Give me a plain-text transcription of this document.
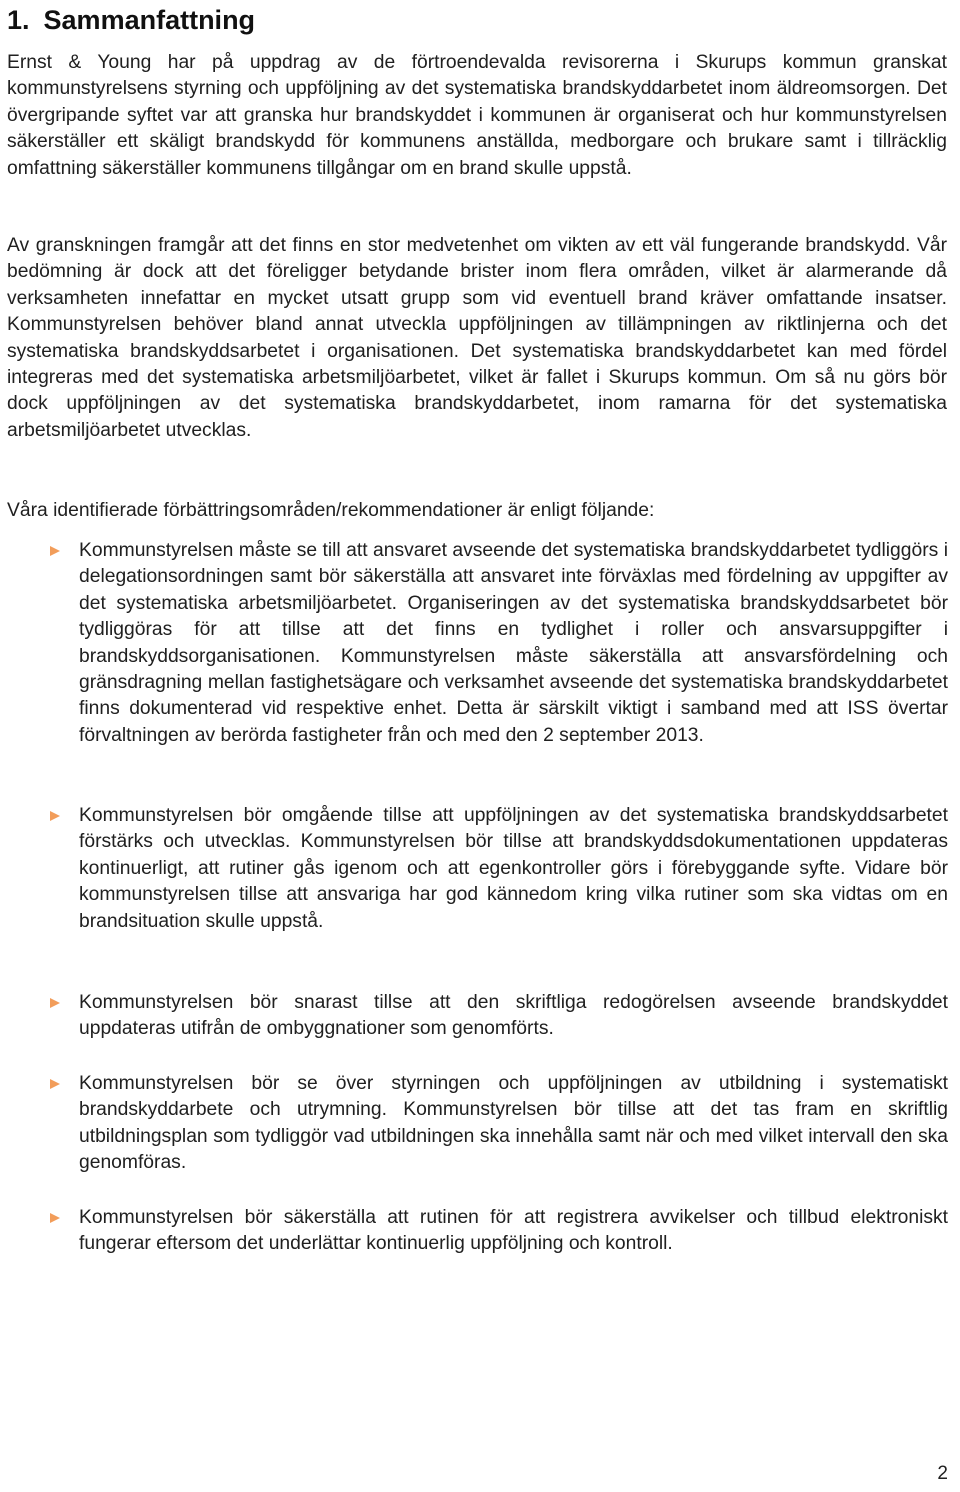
1. Sammanfattning

Ernst & Young har på uppdrag av de förtroendevalda revisorerna i Skurups kommun granskat kommunstyrelsens styrning och uppföljning av det systematiska brandskyddarbetet inom äldreomsorgen. Det övergripande syftet var att granska hur brandskyddet i kommunen är organiserat och hur kommunstyrelsen säkerställer ett skäligt brandskydd för kommunens anställda, medborgare och brukare samt i tillräcklig omfattning säkerställer kommunens tillgångar om en brand skulle uppstå.

Av granskningen framgår att det finns en stor medvetenhet om vikten av ett väl fungerande brandskydd. Vår bedömning är dock att det föreligger betydande brister inom flera områden, vilket är alarmerande då verksamheten innefattar en mycket utsatt grupp som vid eventuell brand kräver omfattande insatser. Kommunstyrelsen behöver bland annat utveckla uppföljningen av tillämpningen av riktlinjerna och det systematiska brandskyddsarbetet i organisationen. Det systematiska brandskyddarbetet kan med fördel integreras med det systematiska arbetsmiljöarbetet, vilket är fallet i Skurups kommun. Om så nu görs bör dock uppföljningen av det systematiska brandskyddarbetet, inom ramarna för det systematiska arbetsmiljöarbetet utvecklas.

Våra identifierade förbättringsområden/rekommendationer är enligt följande:

Kommunstyrelsen måste se till att ansvaret avseende det systematiska brandskyddarbetet tydliggörs i delegationsordningen samt bör säkerställa att ansvaret inte förväxlas med fördelning av uppgifter av det systematiska arbetsmiljöarbetet. Organiseringen av det systematiska brandskyddsarbetet bör tydliggöras för att tillse att det finns en tydlighet i roller och ansvarsuppgifter i brandskyddsorganisationen. Kommunstyrelsen måste säkerställa att ansvarsfördelning och gränsdragning mellan fastighetsägare och verksamhet avseende det systematiska brandskyddarbetet finns dokumenterad vid respektive enhet. Detta är särskilt viktigt i samband med att ISS övertar förvaltningen av berörda fastigheter från och med den 2 september 2013.

Kommunstyrelsen bör omgående tillse att uppföljningen av det systematiska brandskyddsarbetet förstärks och utvecklas. Kommunstyrelsen bör tillse att brandskyddsdokumentationen uppdateras kontinuerligt, att rutiner gås igenom och att egenkontroller görs i förebyggande syfte. Vidare bör kommunstyrelsen tillse att ansvariga har god kännedom kring vilka rutiner som ska vidtas om en brandsituation skulle uppstå.

Kommunstyrelsen bör snarast tillse att den skriftliga redogörelsen avseende brandskyddet uppdateras utifrån de ombyggnationer som genomförts.

Kommunstyrelsen bör se över styrningen och uppföljningen av utbildning i systematiskt brandskyddarbete och utrymning. Kommunstyrelsen bör tillse att det tas fram en skriftlig utbildningsplan som tydliggör vad utbildningen ska innehålla samt när och med vilket intervall den ska genomföras.

Kommunstyrelsen bör säkerställa att rutinen för att registrera avvikelser och tillbud elektroniskt fungerar eftersom det underlättar kontinuerlig uppföljning och kontroll.

2
